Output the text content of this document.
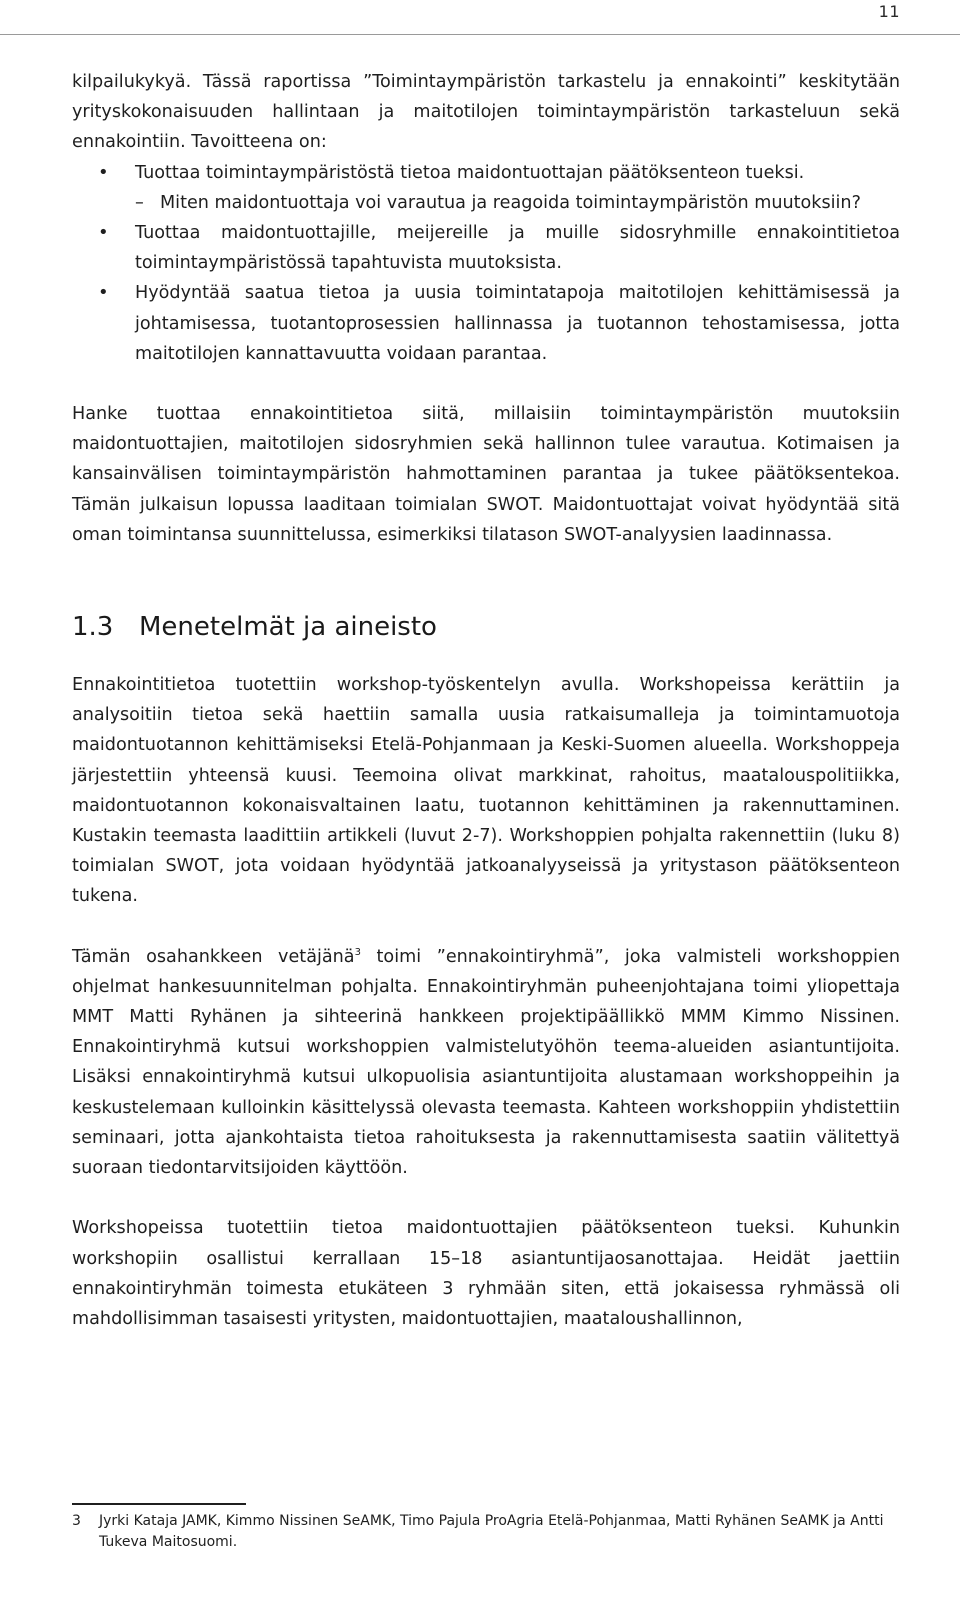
11

kilpailukykyä. Tässä raportissa ”Toimintaympäristön tarkastelu ja ennakointi” keskitytään yrityskokonaisuuden hallintaan ja maitotilojen toimintaympäristön tarkasteluun sekä ennakointiin. Tavoitteena on:

• Tuottaa toimintaympäristöstä tietoa maidontuottajan päätöksenteon tueksi.
– Miten maidontuottaja voi varautua ja reagoida toimintaympäristön muutoksiin?
• Tuottaa maidontuottajille, meijereille ja muille sidosryhmille ennakointitietoa toimintaympäristössä tapahtuvista muutoksista.
• Hyödyntää saatua tietoa ja uusia toimintatapoja maitotilojen kehittämisessä ja johtamisessa, tuotantoprosessien hallinnassa ja tuotannon tehostamisessa, jotta maitotilojen kannattavuutta voidaan parantaa.

Hanke tuottaa ennakointitietoa siitä, millaisiin toimintaympäristön muutoksiin maidontuottajien, maitotilojen sidosryhmien sekä hallinnon tulee varautua. Kotimaisen ja kansainvälisen toimintaympäristön hahmottaminen parantaa ja tukee päätöksentekoa. Tämän julkaisun lopussa laaditaan toimialan SWOT. Maidontuottajat voivat hyödyntää sitä oman toimintansa suunnittelussa, esimerkiksi tilatason SWOT-analyysien laadinnassa.

1.3 Menetelmät ja aineisto

Ennakointitietoa tuotettiin workshop-työskentelyn avulla. Workshopeissa kerättiin ja analysoitiin tietoa sekä haettiin samalla uusia ratkaisumalleja ja toimintamuotoja maidontuotannon kehittämiseksi Etelä-Pohjanmaan ja Keski-Suomen alueella. Workshoppeja järjestettiin yhteensä kuusi. Teemoina olivat markkinat, rahoitus, maatalouspolitiikka, maidontuotannon kokonaisvaltainen laatu, tuotannon kehittäminen ja rakennuttaminen. Kustakin teemasta laadittiin artikkeli (luvut 2-7). Workshoppien pohjalta rakennettiin (luku 8) toimialan SWOT, jota voidaan hyödyntää jatkoanalyyseissä ja yritystason päätöksenteon tukena.

Tämän osahankkeen vetäjänä$^3$ toimi ”ennakointiryhmä”, joka valmisteli workshoppien ohjelmat hankesuunnitelman pohjalta. Ennakointiryhmän puheenjohtajana toimi yliopettaja MMT Matti Ryhänen ja sihteerinä hankkeen projektipäällikkö MMM Kimmo Nissinen. Ennakointiryhmä kutsui workshoppien valmistelutyöhön teema-alueiden asiantuntijoita. Lisäksi ennakointiryhmä kutsui ulkopuolisia asiantuntijoita alustamaan workshoppeihin ja keskustelemaan kulloinkin käsittelyssä olevasta teemasta. Kahteen workshoppiin yhdistettiin seminaari, jotta ajankohtaista tietoa rahoituksesta ja rakennuttamisesta saatiin välitettyä suoraan tiedontarvitsijoiden käyttöön.

Workshopeissa tuotettiin tietoa maidontuottajien päätöksenteon tueksi. Kuhunkin workshopiin osallistui kerrallaan 15–18 asiantuntijaosanottajaa. Heidät jaettiin ennakointiryhmän toimesta etukäteen 3 ryhmään siten, että jokaisessa ryhmässä oli mahdollisimman tasaisesti yritysten, maidontuottajien, maataloushallinnon,

3	Jyrki Kataja JAMK, Kimmo Nissinen SeAMK, Timo Pajula ProAgria Etelä-Pohjanmaa, Matti Ryhänen SeAMK ja Antti Tukeva Maitosuomi.
